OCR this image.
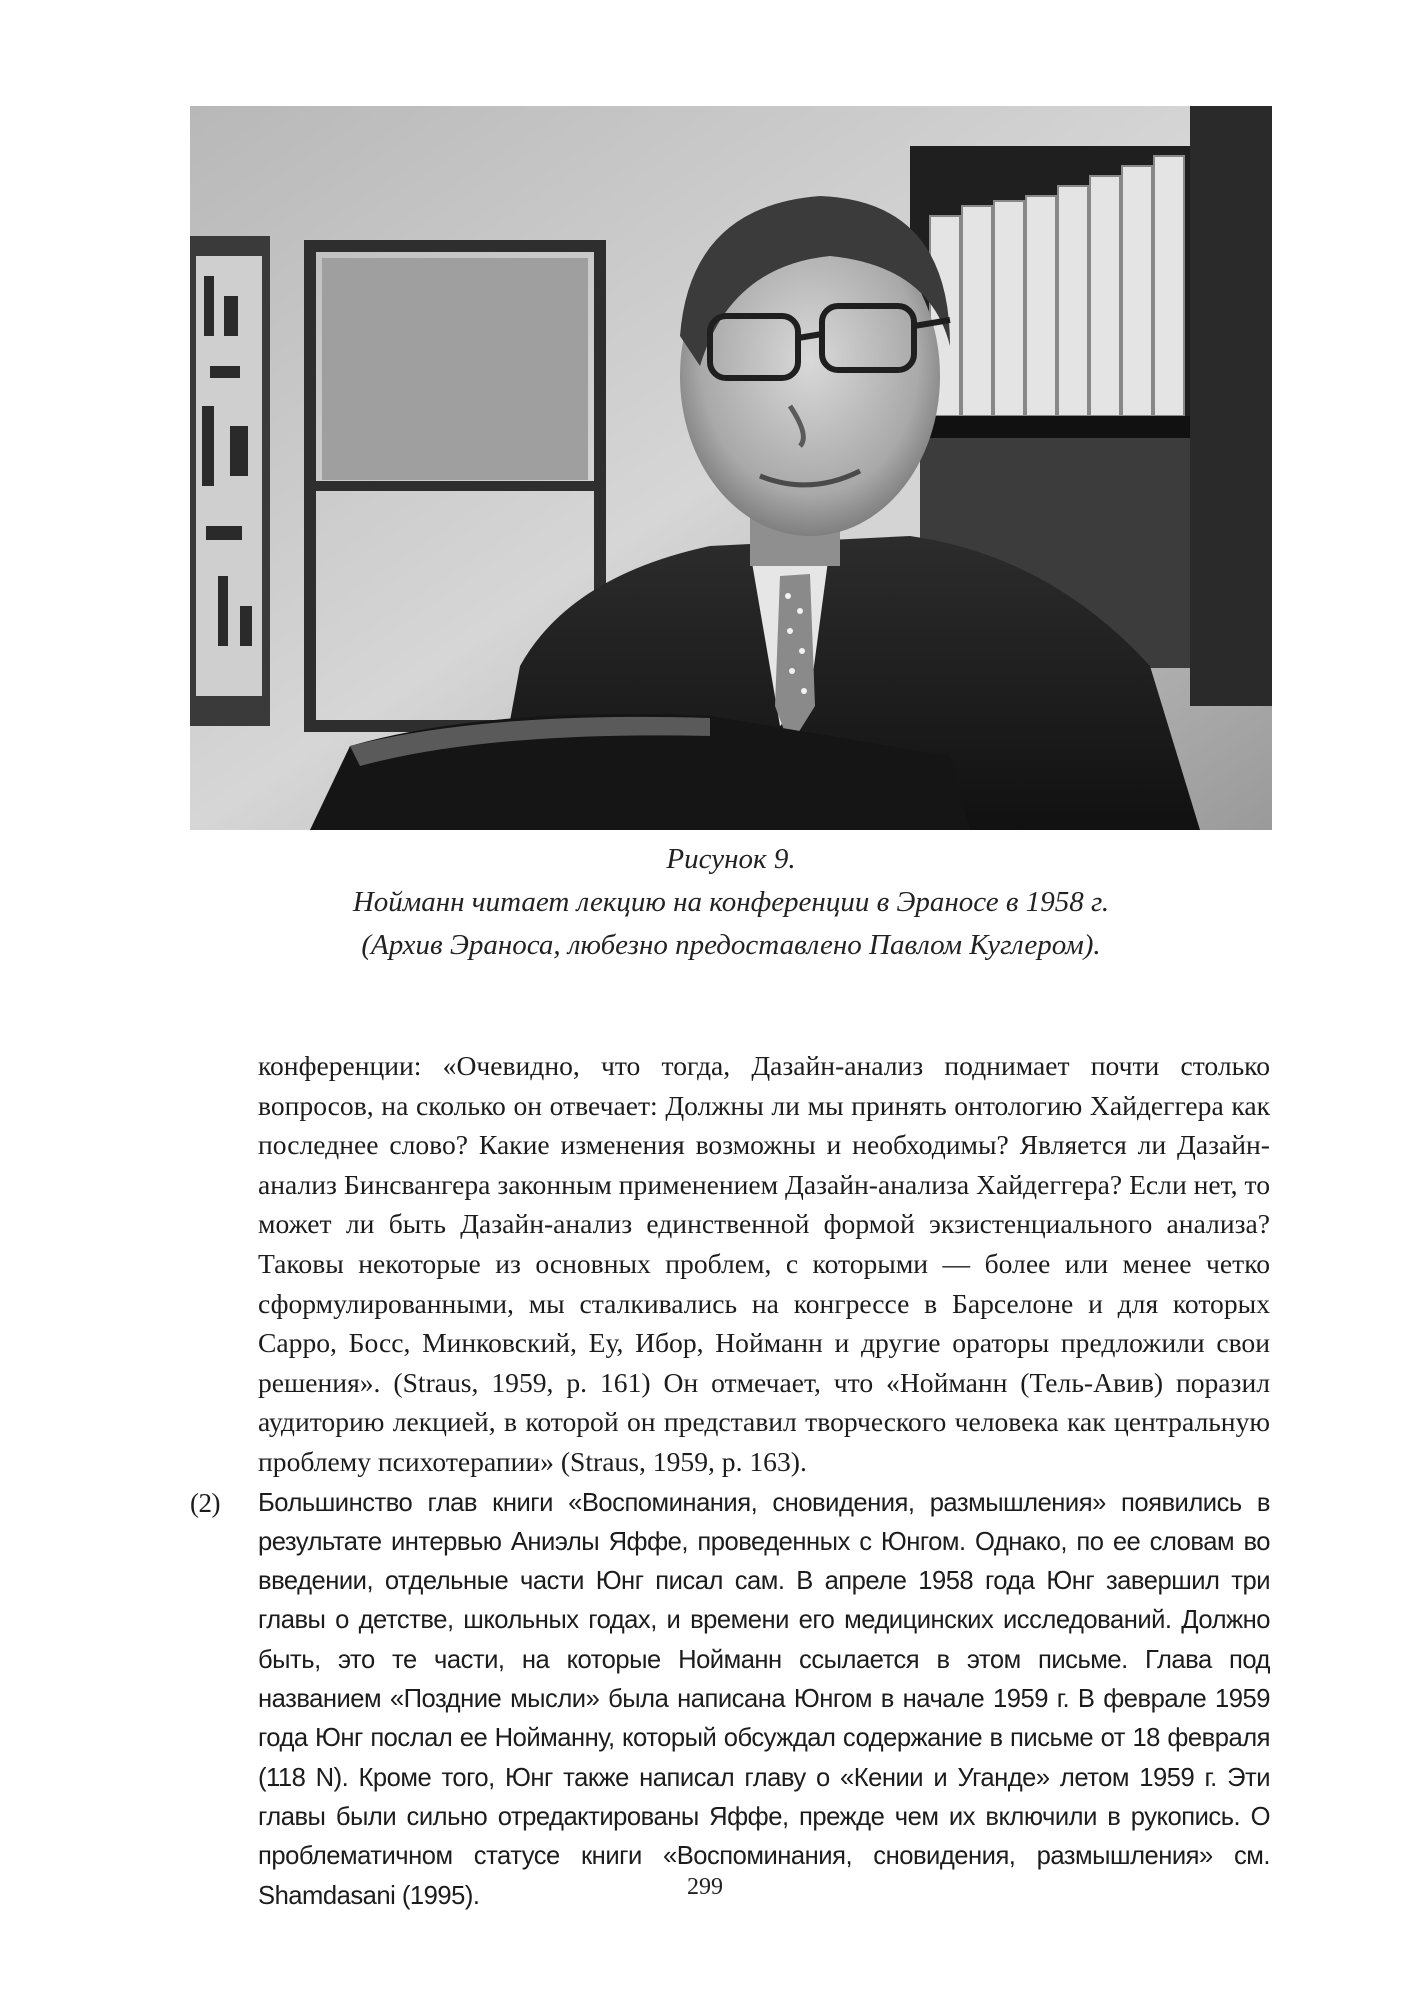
Рисунок 9.
Нойманн читает лекцию на конференции в Эраносе в 1958 г.
(Архив Эраноса, любезно предоставлено Павлом Куглером).

конференции: «Очевидно, что тогда, Дазайн-анализ поднимает почти столько вопросов, на сколько он отвечает: Должны ли мы принять онтологию Хайдеггера как последнее слово? Какие изменения возможны и необходимы? Является ли Дазайн-анализ Бинсвангера законным применением Дазайн-анализа Хайдеггера? Если нет, то может ли быть Дазайн-анализ единственной формой экзистенциального анализа? Таковы некоторые из основных проблем, с которыми — более или менее четко сформулированными, мы сталкивались на конгрессе в Барселоне и для которых Сарро, Босс, Минковский, Еу, Ибор, Нойманн и другие ораторы предложили свои решения». (Straus, 1959, p. 161) Он отмечает, что «Нойманн (Тель-Авив) поразил аудиторию лекцией, в которой он представил творческого человека как центральную проблему психотерапии» (Straus, 1959, p. 163).

(2) Большинство глав книги «Воспоминания, сновидения, размышления» появились в результате интервью Аниэлы Яффе, проведенных с Юнгом. Однако, по ее словам во введении, отдельные части Юнг писал сам. В апреле 1958 года Юнг завершил три главы о детстве, школьных годах, и времени его медицинских исследований. Должно быть, это те части, на которые Нойманн ссылается в этом письме. Глава под названием «Поздние мысли» была написана Юнгом в начале 1959 г. В феврале 1959 года Юнг послал ее Нойманну, который обсуждал содержание в письме от 18 февраля (118 N). Кроме того, Юнг также написал главу о «Кении и Уганде» летом 1959 г. Эти главы были сильно отредактированы Яффе, прежде чем их включили в рукопись. О проблематичном статусе книги «Воспоминания, сновидения, размышления» см. Shamdasani (1995).	299
